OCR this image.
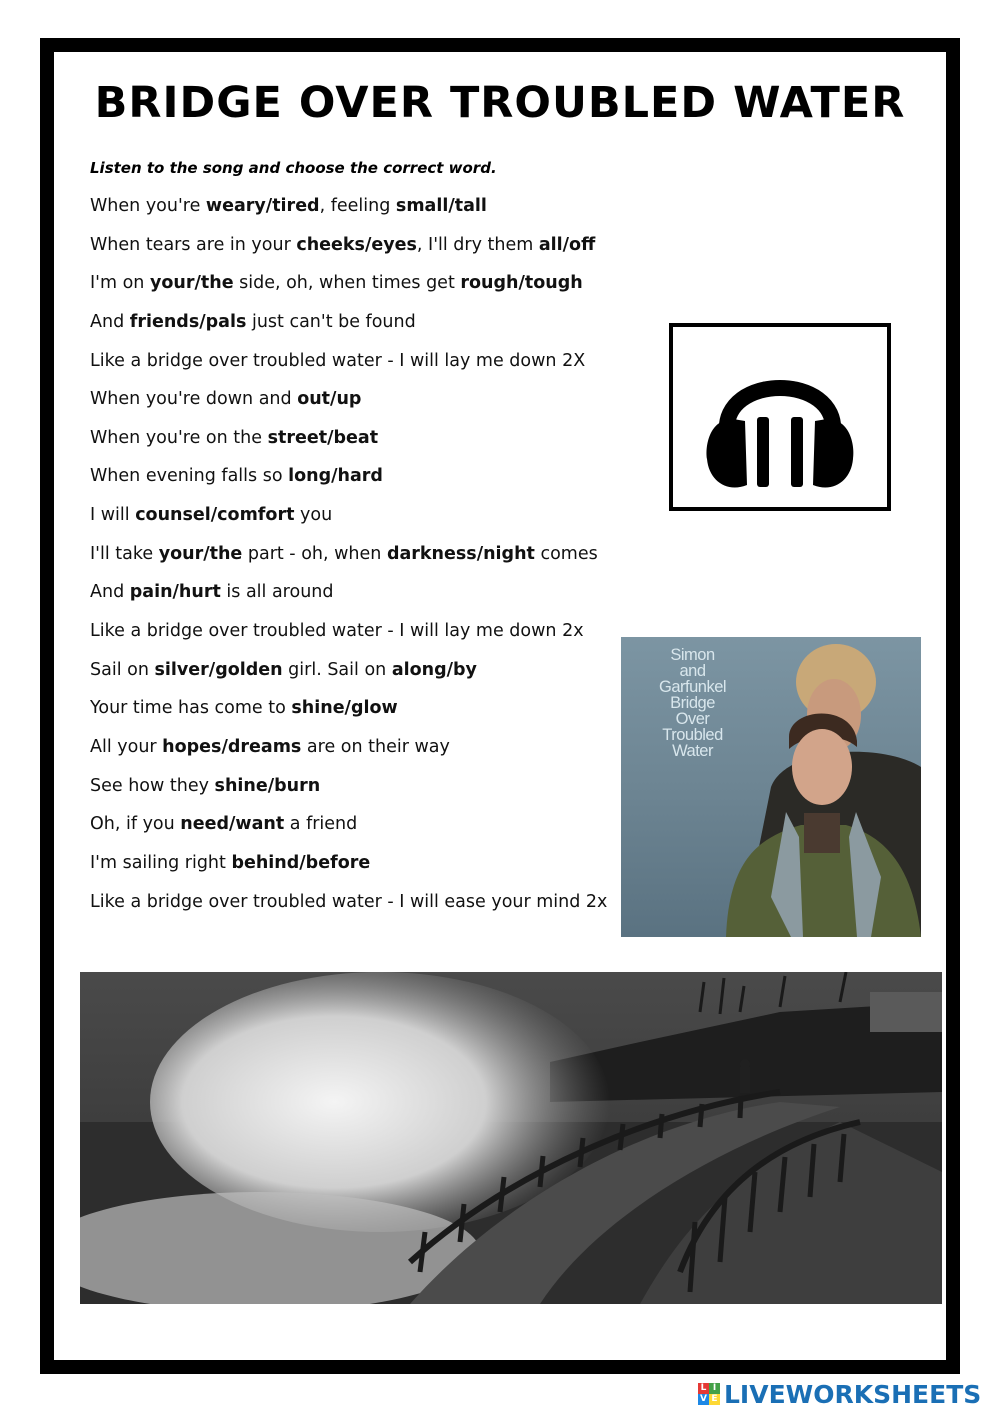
BRIDGE OVER TROUBLED WATER
Listen to the song and choose the correct word.
When you're weary/tired, feeling small/tall
When tears are in your cheeks/eyes, I'll dry them all/off
I'm on your/the side, oh, when times get rough/tough
And friends/pals just can't be found
Like a bridge over troubled water - I will lay me down 2X
When you're down and out/up
When you're on the street/beat
When evening falls so long/hard
I will counsel/comfort you
I'll take your/the part - oh, when darkness/night comes
And pain/hurt is all around
Like a bridge over troubled water - I will lay me down 2x
Sail on silver/golden girl. Sail on along/by
Your time has come to shine/glow
All your hopes/dreams are on their way
See how they shine/burn
Oh, if you need/want a friend
I'm sailing right behind/before
Like a bridge over troubled water - I will ease your mind 2x
Simon
and
Garfunkel
Bridge
Over
Troubled
Water
L I
V E LIVEWORKSHEETS
